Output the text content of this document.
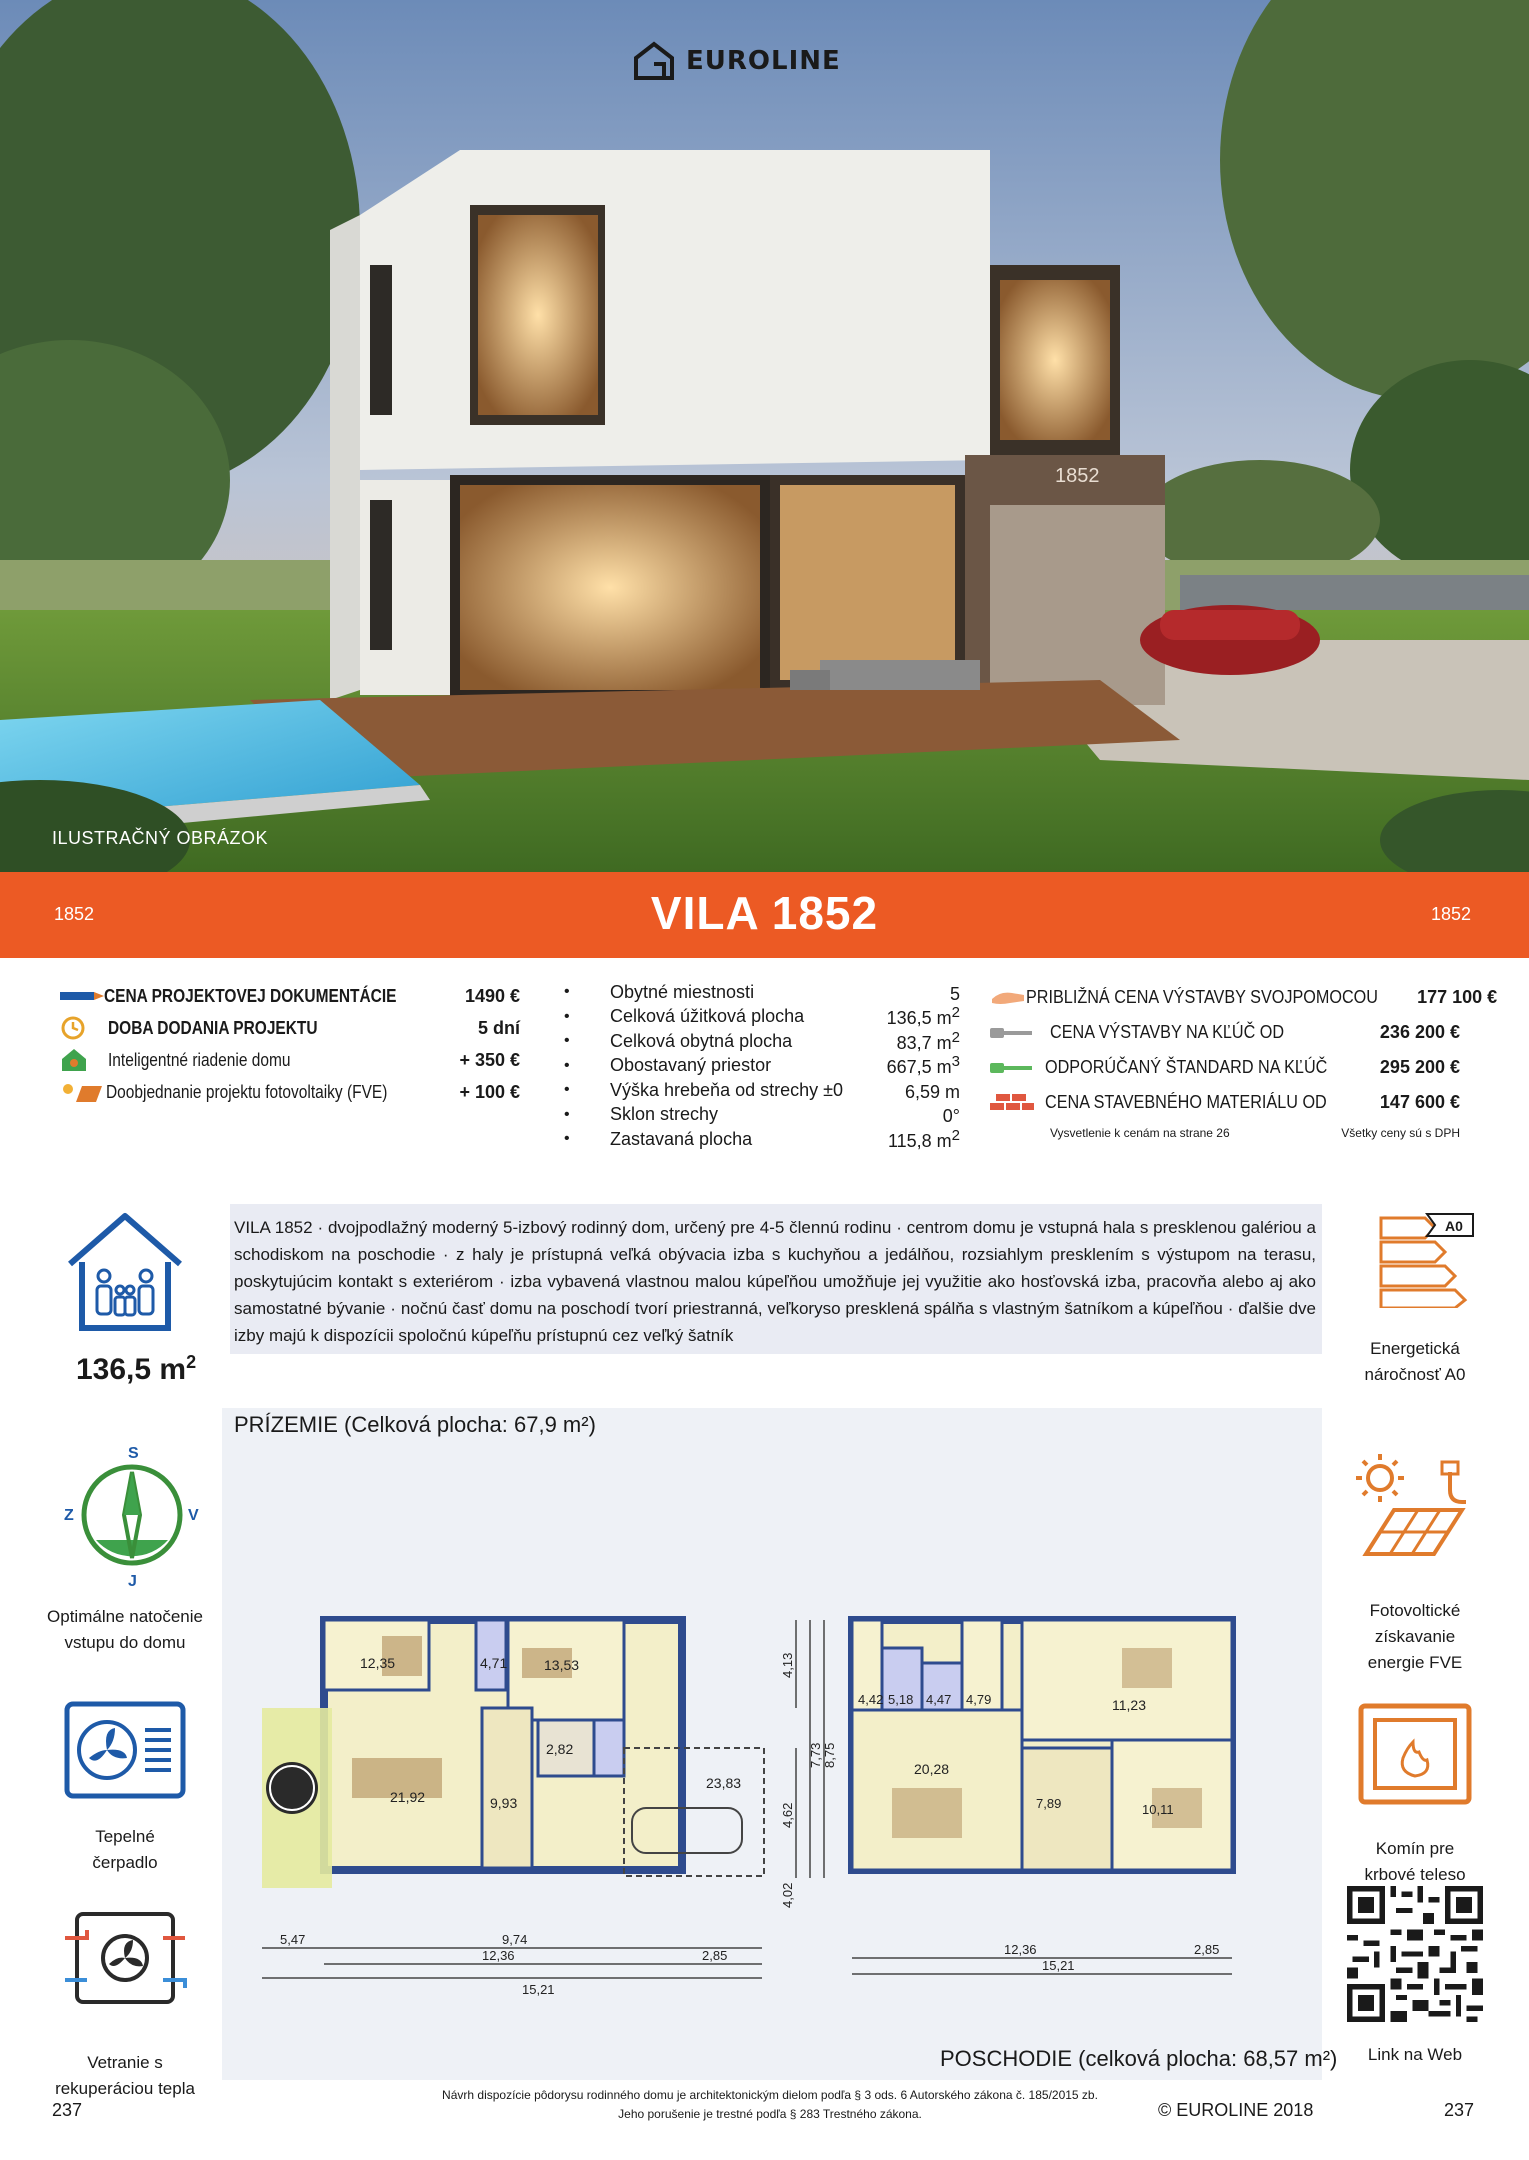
1852
EUROLINE
ILUSTRAČNÝ OBRÁZOK
1852	VILA 1852	1852
CENA PROJEKTOVEJ DOKUMENTÁCIE	1490 €
DOBA DODANIA PROJEKTU	5 dní
Inteligentné riadenie domu	+ 350 €
Doobjednanie projektu fotovoltaiky (FVE)	+ 100 €
•	Obytné miestnosti	5
•	Celková úžitková plocha	136,5 $m^2$
•	Celková obytná plocha	83,7 $m^2$
•	Obostavaný priestor	667,5 $m^3$
•	Výška hrebeňa od strechy ±0	6,59 m
•	Sklon strechy	0°
•	Zastavaná plocha	115,8 $m^2$
PRIBLIŽNÁ CENA VÝSTAVBY SVOJPOMOCOU 177 100 €
CENA VÝSTAVBY NA KĽÚČ OD	236 200 €
ODPORÚČANÝ ŠTANDARD NA KĽÚČ	295 200 €
CENA STAVEBNÉHO MATERIÁLU OD	147 600 €
Vysvetlenie k cenám na strane 26	Všetky ceny sú s DPH
VILA 1852 · dvojpodlažný moderný 5-izbový rodinný dom, určený pre 4-5 člennú rodinu · centrom domu je vstupná hala s presklenou galériou a schodiskom na poschodie · z haly je prístupná veľká obývacia izba s kuchyňou a jedálňou, rozsiahlym presklením s výstupom na terasu, poskytujúcim kontakt s exteriérom · izba vybavená vlastnou malou kúpeľňou umožňuje jej využitie ako hosťovská izba, pracovňa alebo aj ako samostatné bývanie · nočnú časť domu na poschodí tvorí priestranná, veľkoryso presklená spálňa s vlastným šatníkom a kúpeľňou · ďalšie dve izby majú k dispozícii spoločnú kúpeľňu prístupnú cez veľký šatník
136,5 $m^2$
S
J
Z	V
Optimálne natočenie vstupu do domu
Tepelné čerpadlo
Vetranie s rekuperáciou tepla
A0
Energetická náročnosť A0
Fotovoltické získavanie energie FVE
Komín pre krbové teleso
Link na Web
12,35	4,71	13,53
2,82
21,92	9,93
23,83
4,13
7,73 8,75
4,62
4,02
5,47	9,74
12,36	2,85
15,21
4,42 5,18 4,47 4,79	11,23
20,28
7,89	10,11
12,36	2,85
15,21
PRÍZEMIE (Celková plocha: 67,9 m²)
POSCHODIE (celková plocha: 68,57 m²)
Návrh dispozície pôdorysu rodinného domu je architektonickým dielom podľa § 3 ods. 6 Autorského zákona č. 185/2015 zb.
Jeho porušenie je trestné podľa § 283 Trestného zákona.
237	© EUROLINE 2018	237
